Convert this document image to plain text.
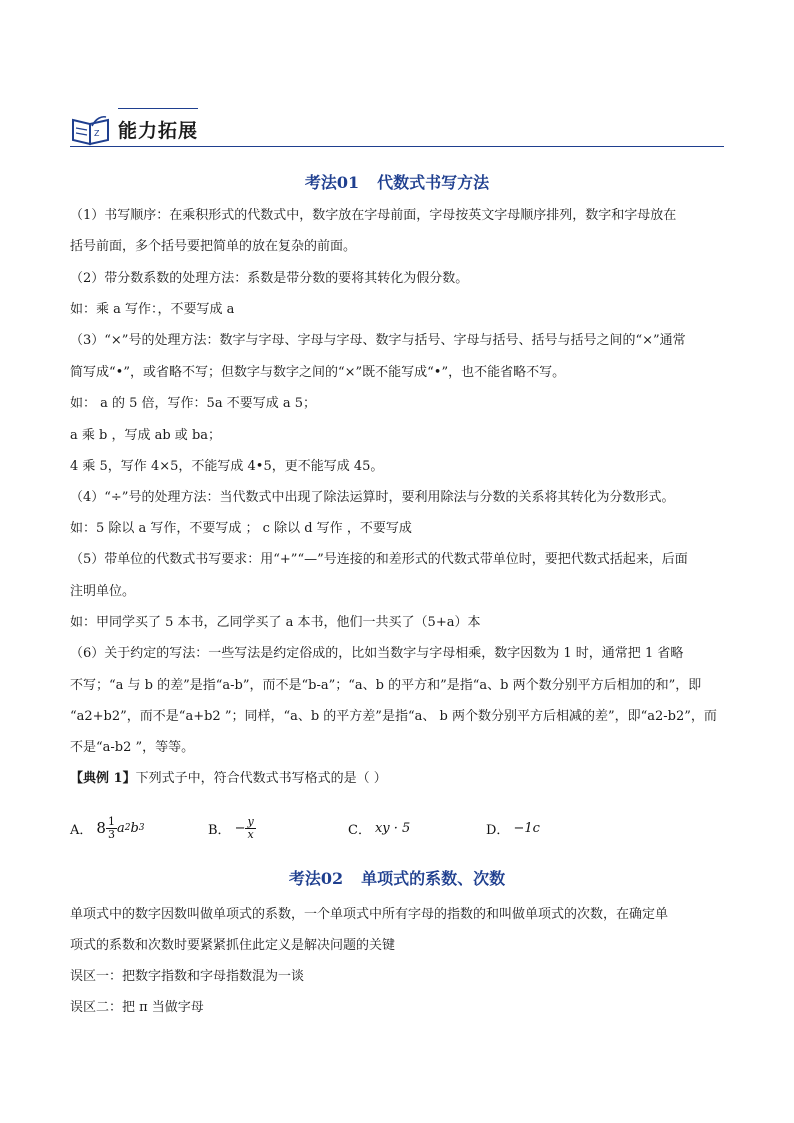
Z 能力拓展
考法01 代数式书写方法
（1）书写顺序：在乘积形式的代数式中，数字放在字母前面，字母按英文字母顺序排列，数字和字母放在
括号前面，多个括号要把简单的放在复杂的前面。
（2）带分数系数的处理方法：系数是带分数的要将其转化为假分数。
如：乘 a 写作：，不要写成 a
（3）“×”号的处理方法：数字与字母、字母与字母、数字与括号、字母与括号、括号与括号之间的“×”通常
简写成“•”，或省略不写；但数字与数字之间的“×”既不能写成“•”，也不能省略不写。
如： a 的 5 倍，写作：5a 不要写成 a 5；
a 乘 b ，写成 ab 或 ba；
4 乘 5，写作 4×5，不能写成 4•5，更不能写成 45。
（4）“÷”号的处理方法：当代数式中出现了除法运算时，要利用除法与分数的关系将其转化为分数形式。
如：5 除以 a 写作，不要写成 ； c 除以 d 写作 ，不要写成
（5）带单位的代数式书写要求：用“+”“—”号连接的和差形式的代数式带单位时，要把代数式括起来，后面
注明单位。
如：甲同学买了 5 本书，乙同学买了 a 本书，他们一共买了（5+a）本
（6）关于约定的写法：一些写法是约定俗成的，比如当数字与字母相乘，数字因数为 1 时，通常把 1 省略
不写；“a 与 b 的差”是指“a-b”，而不是“b-a”；“a、b 的平方和”是指“a、b 两个数分别平方后相加的和”，即
“a2+b2”，而不是“a+b2 ”；同样，“a、b 的平方差”是指“a、 b 两个数分别平方后相减的差”，即“a2-b2”，而
不是“a-b2 ”，等等。
【典例 1】下列式子中，符合代数式书写格式的是（ ）
A． $8 \frac{1}{3}$ a 2 b 3	B． − $\frac{y}{x}$	C． xy · 5	D． −1c
考法02 单项式的系数、次数
单项式中的数字因数叫做单项式的系数，一个单项式中所有字母的指数的和叫做单项式的次数，在确定单
项式的系数和次数时要紧紧抓住此定义是解决问题的关键
误区一：把数字指数和字母指数混为一谈
误区二：把 π 当做字母
